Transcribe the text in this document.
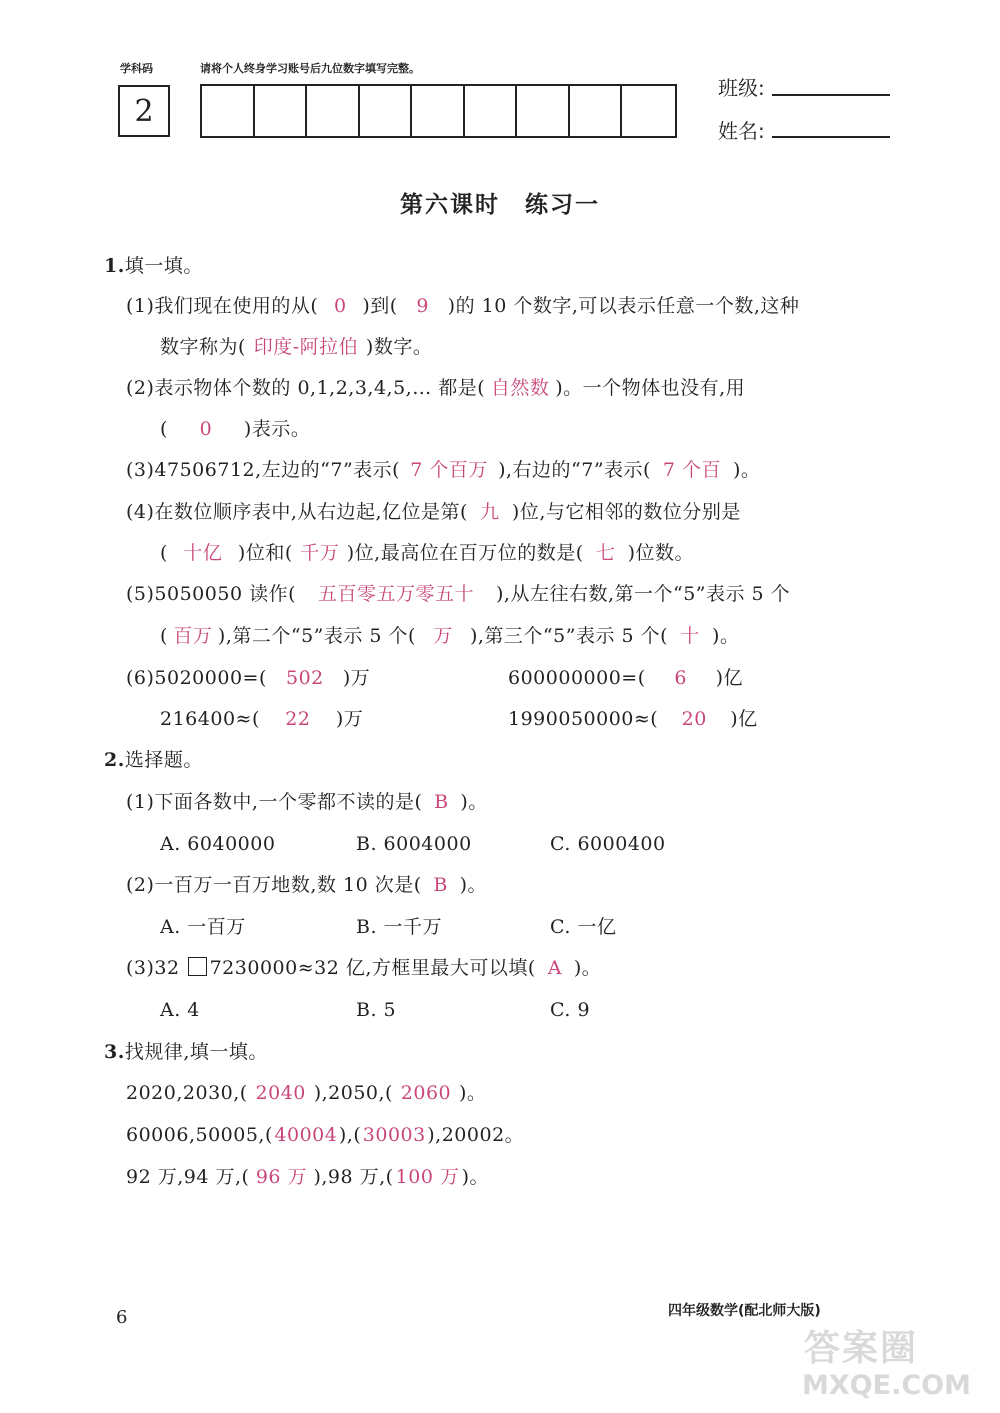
学科码	请将个人终身学习账号后九位数字填写完整。
2
班级:
姓名:
第六课时　练习一
1.填一填。
(1)我们现在使用的从( 0 )到( 9 )的 10 个数字,可以表示任意一个数,这种
数字称为( 印度-阿拉伯 )数字。
(2)表示物体个数的 0,1,2,3,4,5,… 都是( 自然数 )。一个物体也没有,用
( 0 )表示。
(3)47506712,左边的“7”表示( 7 个百万 ),右边的“7”表示( 7 个百 )。
(4)在数位顺序表中,从右边起,亿位是第( 九 )位,与它相邻的数位分别是
( 十亿 )位和( 千万 )位,最高位在百万位的数是( 七 )位数。
(5)5050050 读作( 五百零五万零五十 ),从左往右数,第一个“5”表示 5 个
( 百万 ),第二个“5”表示 5 个( 万 ),第三个“5”表示 5 个( 十 )。
(6)5020000=( 502 )万	600000000=( 6 )亿
216400≈( 22 )万	1990050000≈( 20 )亿
2.选择题。
(1)下面各数中,一个零都不读的是( B )。
A. 6040000	B. 6004000	C. 6000400
(2)一百万一百万地数,数 10 次是( B )。
A. 一百万	B. 一千万	C. 一亿
(3)32 7230000≈32 亿,方框里最大可以填( A )。
A. 4	B. 5	C. 9
3.找规律,填一填。
2020,2030,( 2040 ),2050,( 2060 )。
60006,50005,(40004),(30003),20002。
92 万,94 万,( 96 万 ),98 万,( 100 万 )。
6	四年级数学(配北师大版)
答案圈
MXQE.COM
